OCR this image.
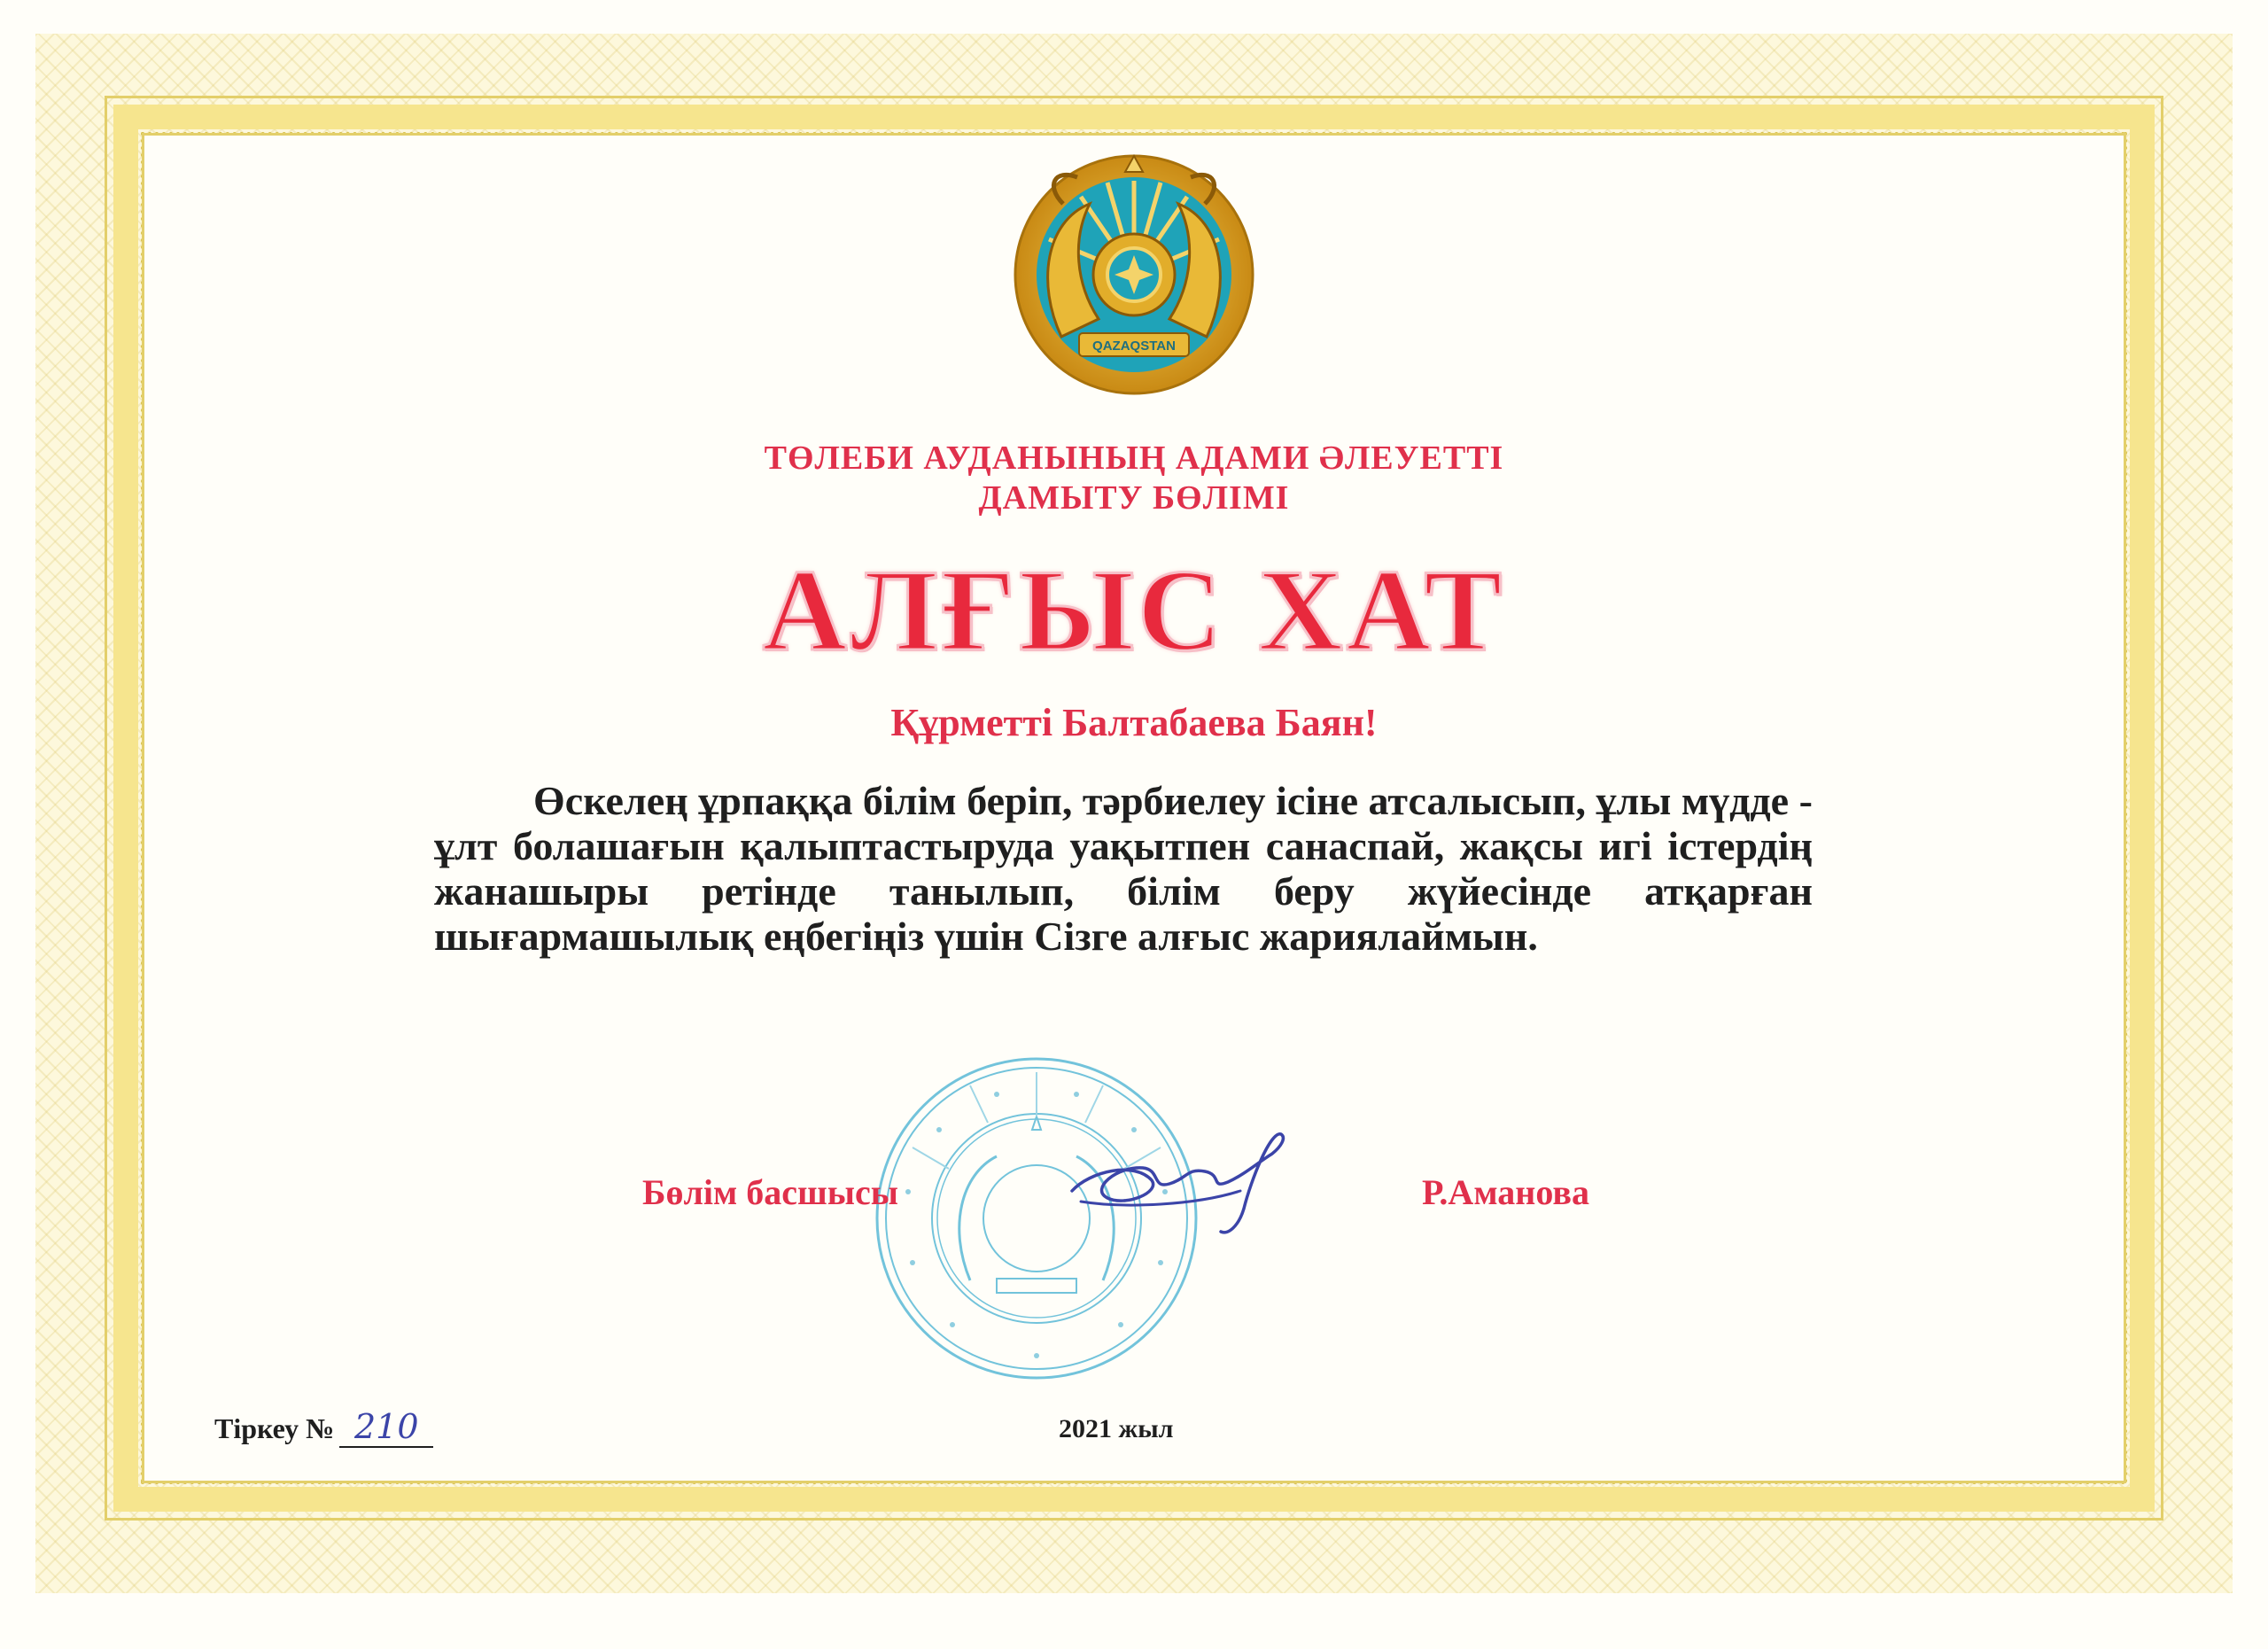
QAZAQSTAN
ТӨЛЕБИ АУДАНЫНЫҢ АДАМИ ӘЛЕУЕТТІ
ДАМЫТУ БӨЛІМІ
АЛҒЫС ХАТ
Құрметті Балтабаева Баян!
Өскелең ұрпаққа білім беріп, тәрбиелеу ісіне атсалысып, ұлы мүдде - ұлт болашағын қалыптастыруда уақытпен санаспай, жақсы игі істердің жанашыры ретінде танылып, білім беру жүйесінде атқарған шығармашылық еңбегіңіз үшін Сізге алғыс жариялаймын.
Бөлім басшысы	Р.Аманова
Тіркеу № 210	2021 жыл
